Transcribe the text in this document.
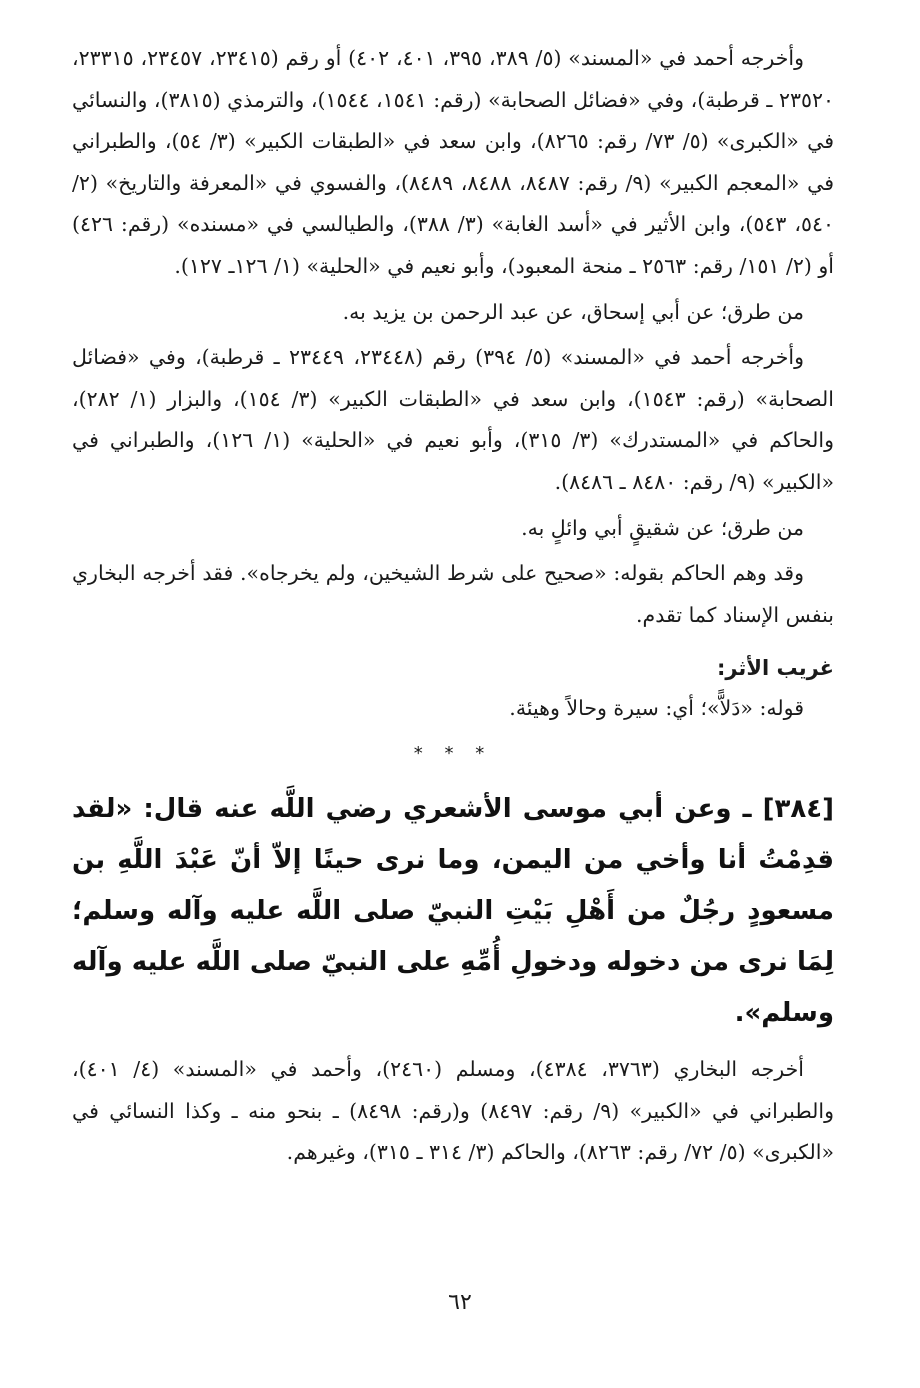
وأخرجه أحمد في «المسند» (٥/ ٣٨٩، ٣٩٥، ٤٠١، ٤٠٢) أو رقم (٢٣٤١٥، ٢٣٤٥٧، ٢٣٣١٥، ٢٣٥٢٠ ـ قرطبة)، وفي «فضائل الصحابة» (رقم: ١٥٤١، ١٥٤٤)، والترمذي (٣٨١٥)، والنسائي في «الكبرى» (٥/ ٧٣/ رقم: ٨٢٦٥)، وابن سعد في «الطبقات الكبير» (٣/ ٥٤)، والطبراني في «المعجم الكبير» (٩/ رقم: ٨٤٨٧، ٨٤٨٨، ٨٤٨٩)، والفسوي في «المعرفة والتاريخ» (٢/ ٥٤٠، ٥٤٣)، وابن الأثير في «أسد الغابة» (٣/ ٣٨٨)، والطيالسي في «مسنده» (رقم: ٤٢٦) أو (٢/ ١٥١/ رقم: ٢٥٦٣ ـ منحة المعبود)، وأبو نعيم في «الحلية» (١/ ١٢٦ـ ١٢٧).

من طرق؛ عن أبي إسحاق، عن عبد الرحمن بن يزيد به.

وأخرجه أحمد في «المسند» (٥/ ٣٩٤) رقم (٢٣٤٤٨، ٢٣٤٤٩ ـ قرطبة)، وفي «فضائل الصحابة» (رقم: ١٥٤٣)، وابن سعد في «الطبقات الكبير» (٣/ ١٥٤)، والبزار (١/ ٢٨٢)، والحاكم في «المستدرك» (٣/ ٣١٥)، وأبو نعيم في «الحلية» (١/ ١٢٦)، والطبراني في «الكبير» (٩/ رقم: ٨٤٨٠ ـ ٨٤٨٦).

من طرق؛ عن شقيقٍ أبي وائلٍ به.

وقد وهم الحاكم بقوله: «صحيح على شرط الشيخين، ولم يخرجاه». فقد أخرجه البخاري بنفس الإسناد كما تقدم.

غريب الأثر:

قوله: «دَلاًّ»؛ أي: سيرة وحالاً وهيئة.

* * *

[٣٨٤] ـ وعن أبي موسى الأشعري رضي اللَّه عنه قال: «لقد قدِمْتُ أنا وأخي من اليمن، وما نرى حينًا إلاّ أنّ عَبْدَ اللَّهِ بن مسعودٍ رجُلٌ من أَهْلِ بَيْتِ النبيّ صلى اللَّه عليه وآله وسلم؛ لِمَا نرى من دخوله ودخولِ أُمِّهِ على النبيّ صلى اللَّه عليه وآله وسلم».

أخرجه البخاري (٣٧٦٣، ٤٣٨٤)، ومسلم (٢٤٦٠)، وأحمد في «المسند» (٤/ ٤٠١)، والطبراني في «الكبير» (٩/ رقم: ٨٤٩٧) و(رقم: ٨٤٩٨) ـ بنحو منه ـ وكذا النسائي في «الكبرى» (٥/ ٧٢/ رقم: ٨٢٦٣)، والحاكم (٣/ ٣١٤ ـ ٣١٥)، وغيرهم.

٦٢
